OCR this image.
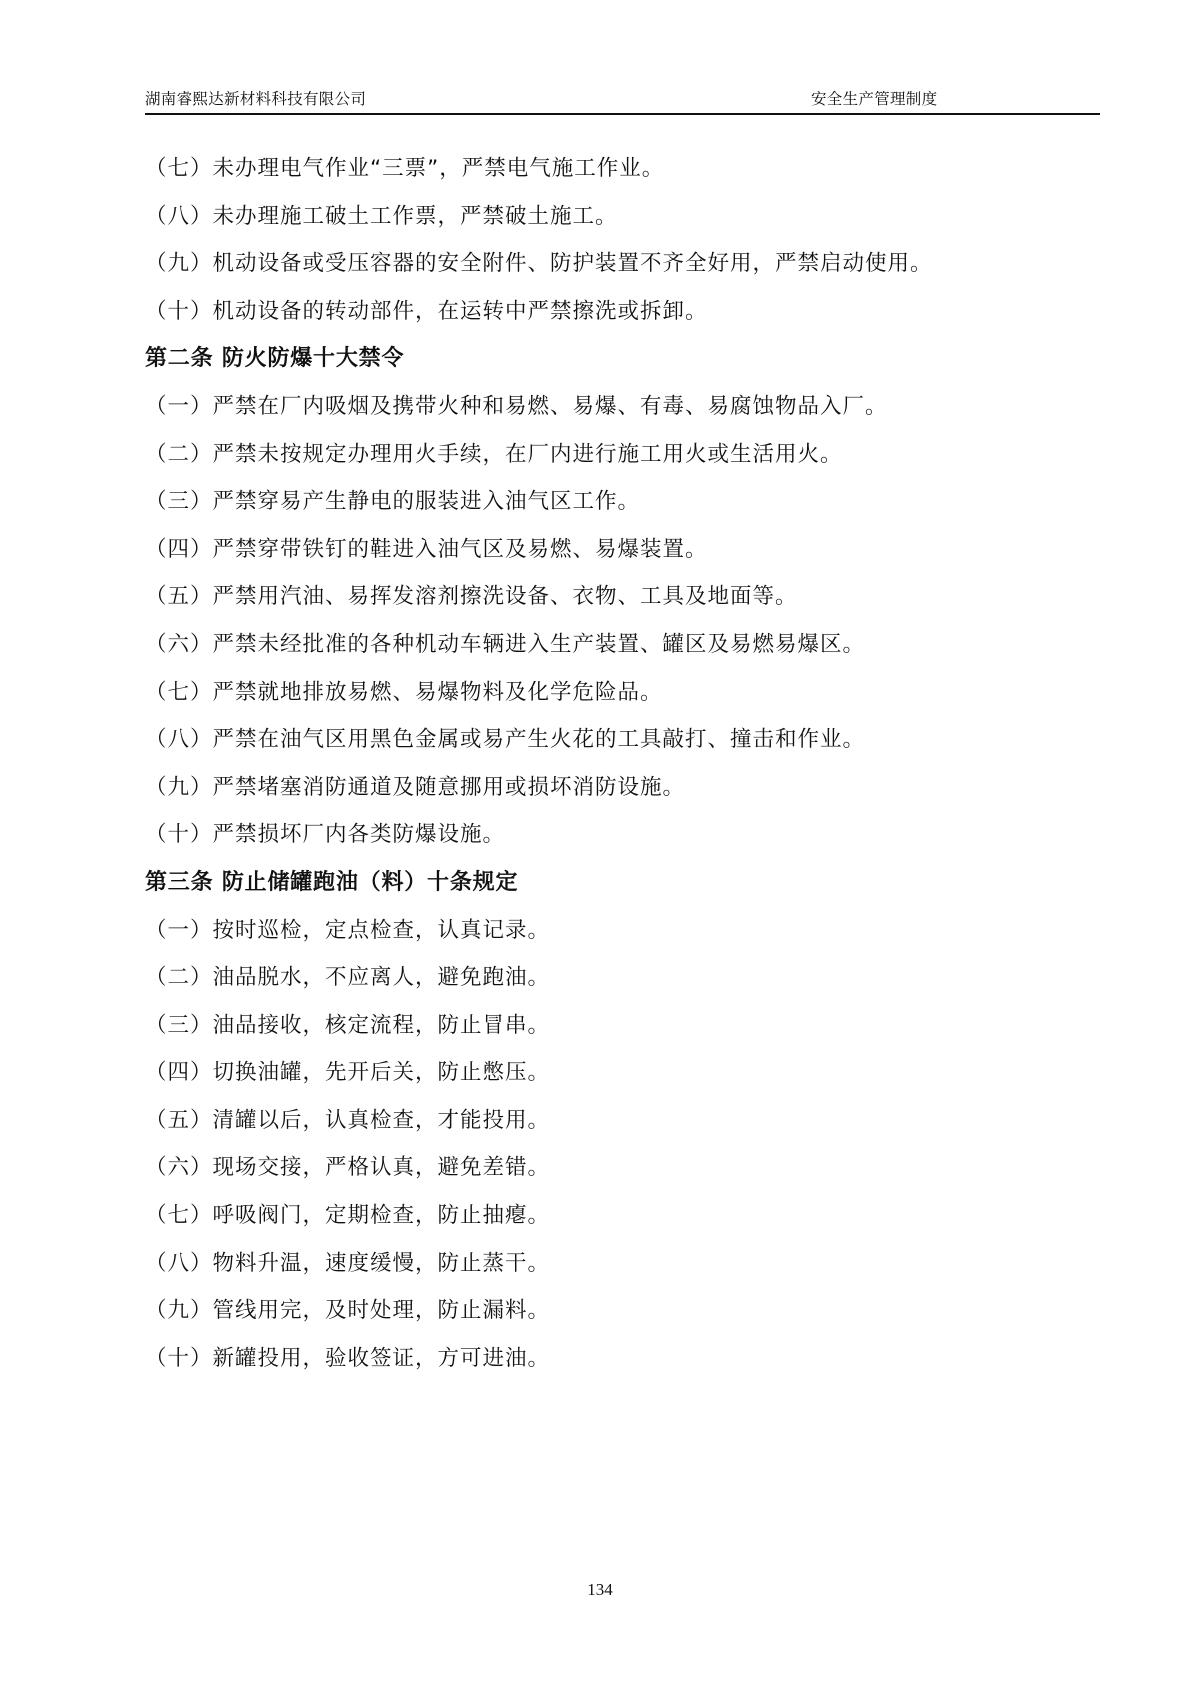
湖南睿熙达新材料科技有限公司	安全生产管理制度
（七）未办理电气作业“三票”，严禁电气施工作业。
（八）未办理施工破土工作票，严禁破土施工。
（九）机动设备或受压容器的安全附件、防护装置不齐全好用，严禁启动使用。
（十）机动设备的转动部件，在运转中严禁擦洗或拆卸。
第二条 防火防爆十大禁令
（一）严禁在厂内吸烟及携带火种和易燃、易爆、有毒、易腐蚀物品入厂。
（二）严禁未按规定办理用火手续，在厂内进行施工用火或生活用火。
（三）严禁穿易产生静电的服装进入油气区工作。
（四）严禁穿带铁钉的鞋进入油气区及易燃、易爆装置。
（五）严禁用汽油、易挥发溶剂擦洗设备、衣物、工具及地面等。
（六）严禁未经批准的各种机动车辆进入生产装置、罐区及易燃易爆区。
（七）严禁就地排放易燃、易爆物料及化学危险品。
（八）严禁在油气区用黑色金属或易产生火花的工具敲打、撞击和作业。
（九）严禁堵塞消防通道及随意挪用或损坏消防设施。
（十）严禁损坏厂内各类防爆设施。
第三条 防止储罐跑油（料）十条规定
（一）按时巡检，定点检查，认真记录。
（二）油品脱水，不应离人，避免跑油。
（三）油品接收，核定流程，防止冒串。
（四）切换油罐，先开后关，防止憋压。
（五）清罐以后，认真检查，才能投用。
（六）现场交接，严格认真，避免差错。
（七）呼吸阀门，定期检查，防止抽瘪。
（八）物料升温，速度缓慢，防止蒸干。
（九）管线用完，及时处理，防止漏料。
（十）新罐投用，验收签证，方可进油。
134
